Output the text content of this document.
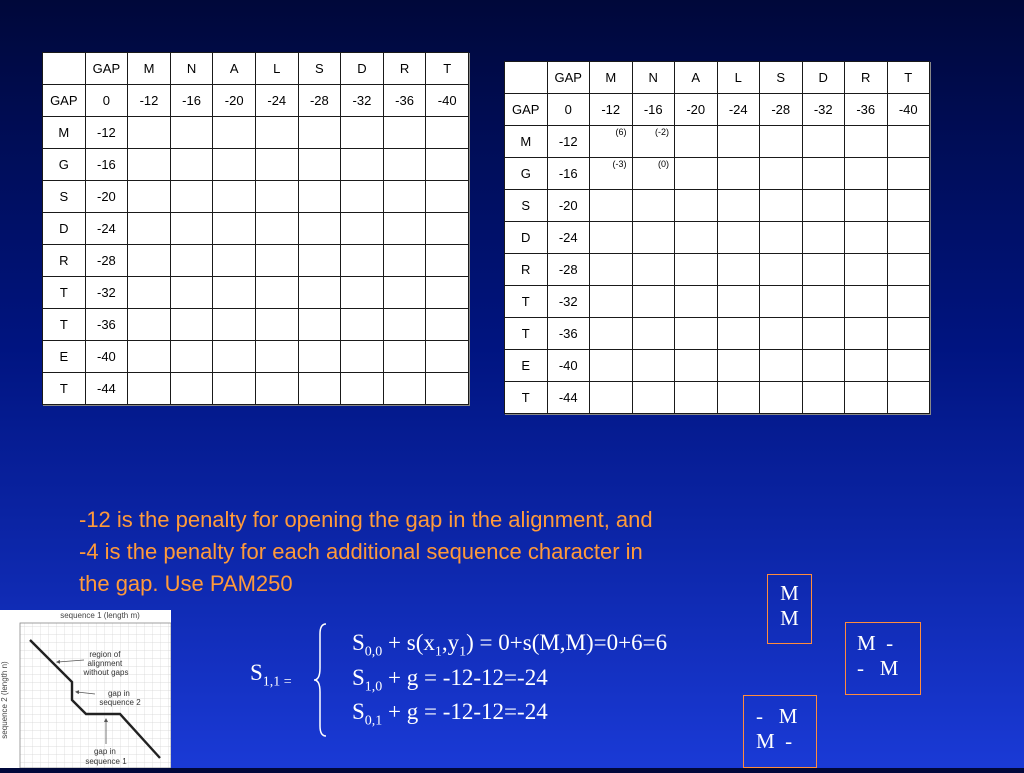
	GAP	M	N	A	L	S	D	R	T
GAP	0	-12	-16	-20	-24	-28	-32	-36	-40
M	-12								
G	-16								
S	-20								
D	-24								
R	-28								
T	-32								
T	-36								
E	-40								
T	-44								
	GAP	M	N	A	L	S	D	R	T
GAP	0	-12	-16	-20	-24	-28	-32	-36	-40
M	-12	(6)	(-2)						

G	-16	(-3)	(0)						

S	-20								
D	-24								
R	-28								
T	-32								
T	-36								
E	-40								
T	-44								
-12 is the penalty for opening the gap in the alignment, and
-4 is the penalty for each additional sequence character in
the gap. Use PAM250	M
M
M  -
-   M
-   M
M  -
$S_{1,1 =}$
$S_{0,0} + s(x_1,y_1) = 0+s(M,M)=0+6=6$
$S_{1,0} + g = -12-12=-24$
$S_{0,1} + g = -12-12=-24$
sequence 1 (length m)
sequence 2 (length n)
region of alignment without gaps
gap in sequence 2
gap in sequence 1
